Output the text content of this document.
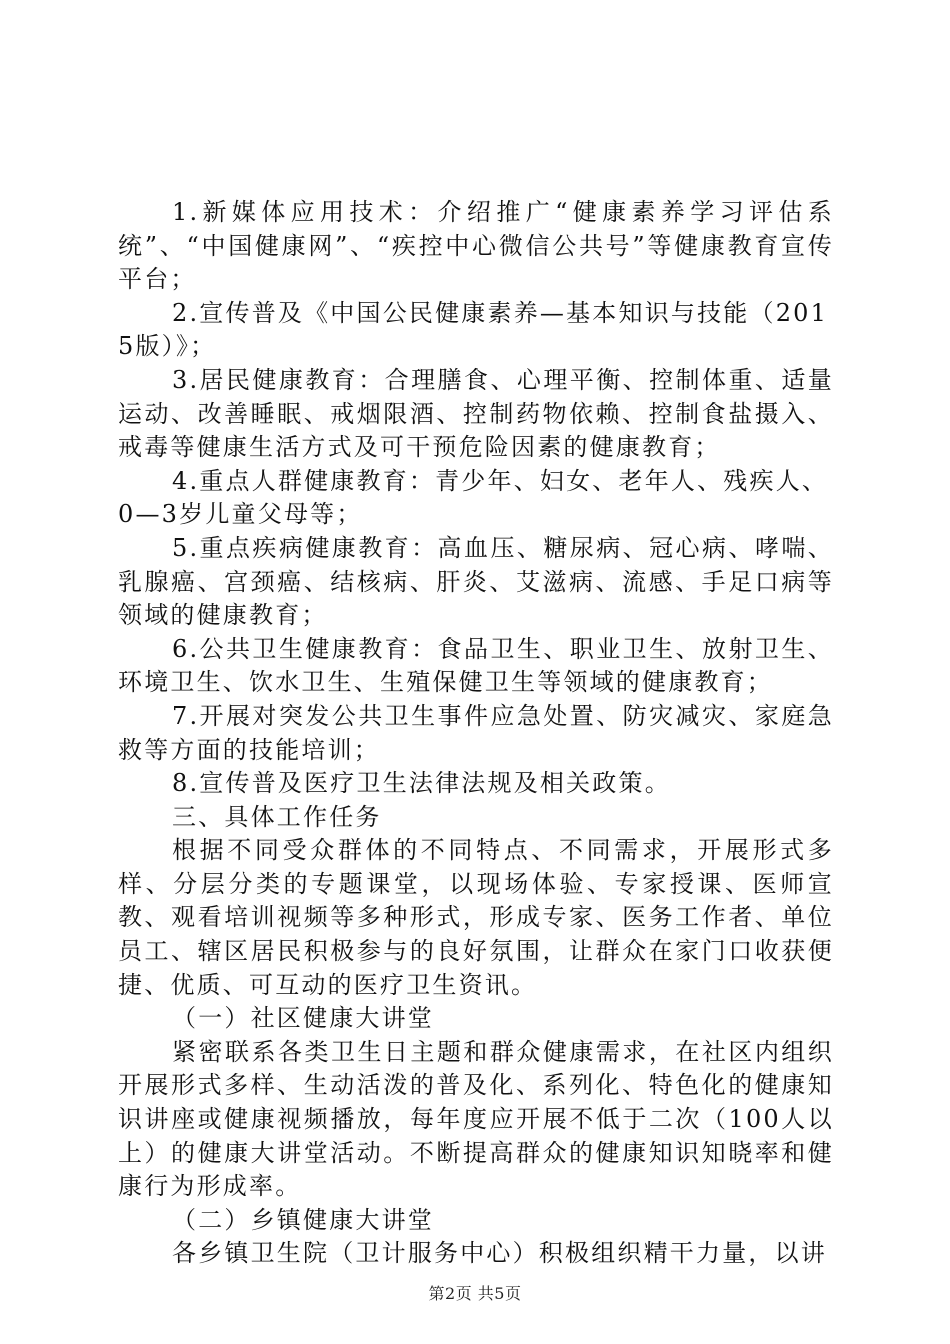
1.新媒体应用技术：介绍推广“健康素养学习评估系统”、“中国健康网”、“疾控中心微信公共号”等健康教育宣传平台；

2.宣传普及《中国公民健康素养—基本知识与技能（2015版）》；

3.居民健康教育：合理膳食、心理平衡、控制体重、适量运动、改善睡眠、戒烟限酒、控制药物依赖、控制食盐摄入、戒毒等健康生活方式及可干预危险因素的健康教育；

4.重点人群健康教育：青少年、妇女、老年人、残疾人、0—3岁儿童父母等；

5.重点疾病健康教育：高血压、糖尿病、冠心病、哮喘、乳腺癌、宫颈癌、结核病、肝炎、艾滋病、流感、手足口病等领域的健康教育；

6.公共卫生健康教育：食品卫生、职业卫生、放射卫生、环境卫生、饮水卫生、生殖保健卫生等领域的健康教育；

7.开展对突发公共卫生事件应急处置、防灾减灾、家庭急救等方面的技能培训；

8.宣传普及医疗卫生法律法规及相关政策。

三、具体工作任务

根据不同受众群体的不同特点、不同需求，开展形式多样、分层分类的专题课堂，以现场体验、专家授课、医师宣教、观看培训视频等多种形式，形成专家、医务工作者、单位员工、辖区居民积极参与的良好氛围，让群众在家门口收获便捷、优质、可互动的医疗卫生资讯。

（一）社区健康大讲堂

紧密联系各类卫生日主题和群众健康需求，在社区内组织开展形式多样、生动活泼的普及化、系列化、特色化的健康知识讲座或健康视频播放，每年度应开展不低于二次（100人以上）的健康大讲堂活动。不断提高群众的健康知识知晓率和健康行为形成率。

（二）乡镇健康大讲堂

各乡镇卫生院（卫计服务中心）积极组织精干力量，以讲

第2页 共5页
